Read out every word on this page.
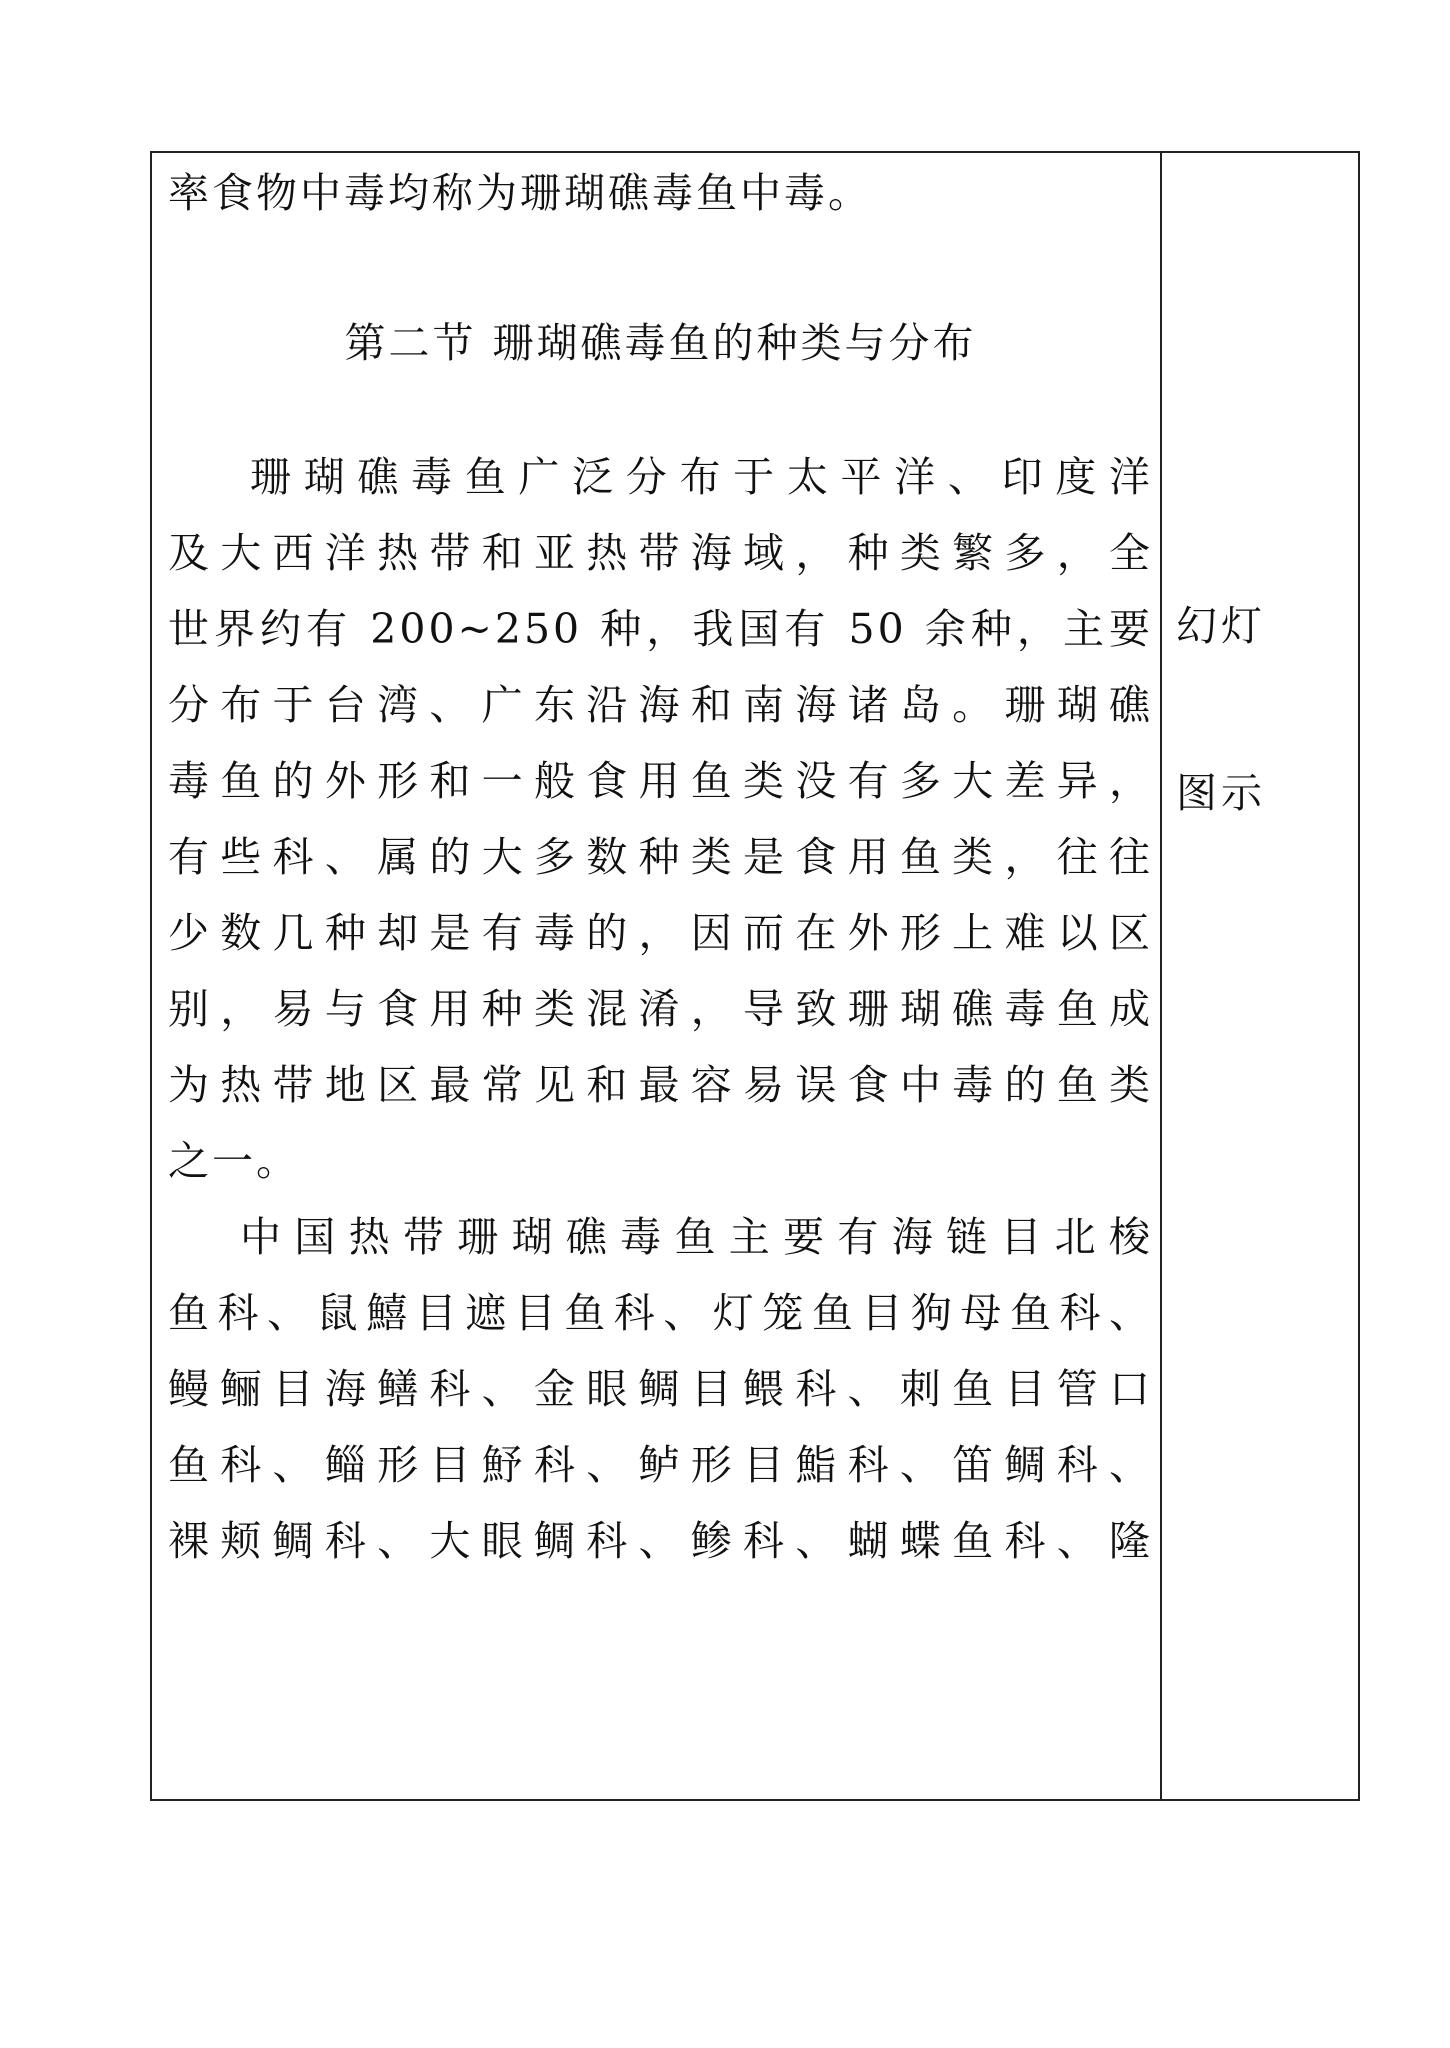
率食物中毒均称为珊瑚礁毒鱼中毒。
第二节 珊瑚礁毒鱼的种类与分布
珊瑚礁毒鱼广泛分布于太平洋、印度洋
及大西洋热带和亚热带海域，种类繁多，全
世界约有 200~250 种，我国有 50 余种，主要
分布于台湾、广东沿海和南海诸岛。珊瑚礁
毒鱼的外形和一般食用鱼类没有多大差异，
有些科、属的大多数种类是食用鱼类，往往
少数几种却是有毒的，因而在外形上难以区
别，易与食用种类混淆，导致珊瑚礁毒鱼成
为热带地区最常见和最容易误食中毒的鱼类
之一。
中国热带珊瑚礁毒鱼主要有海链目北梭
鱼科、鼠鱚目遮目鱼科、灯笼鱼目狗母鱼科、
鳗鲡目海鳝科、金眼鲷目鳂科、刺鱼目管口
鱼科、鲻形目魣科、鲈形目鮨科、笛鲷科、
裸颊鲷科、大眼鲷科、鲹科、蝴蝶鱼科、隆
幻灯
图示
